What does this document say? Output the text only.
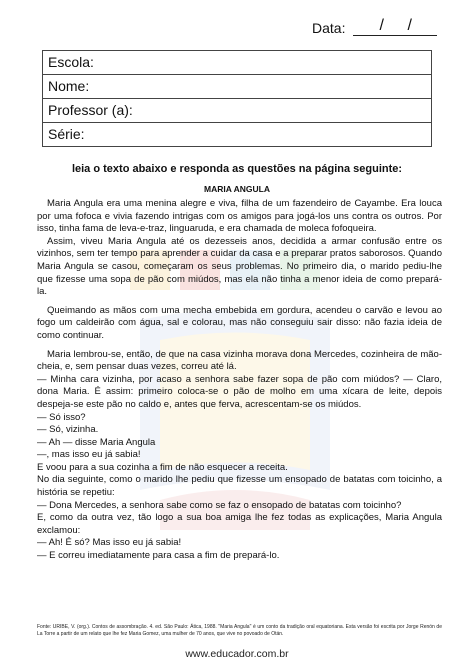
Data: / /
Escola:
Nome:
Professor (a):
Série:
leia o texto abaixo e responda as questões na página seguinte:
MARIA ANGULA

Maria Angula era uma menina alegre e viva, filha de um fazendeiro de Cayambe. Era louca por uma fofoca e vivia fazendo intrigas com os amigos para jogá-los uns contra os outros. Por isso, tinha fama de leva-e-traz, linguaruda, e era chamada de moleca fofoqueira.

Assim, viveu Maria Angula até os dezesseis anos, decidida a armar confusão entre os vizinhos, sem ter tempo para aprender a cuidar da casa e a preparar pratos saborosos. Quando Maria Angula se casou, começaram os seus problemas. No primeiro dia, o marido pediu-lhe que fizesse uma sopa de pão com miúdos, mas ela não tinha a menor ideia de como prepará-la.

Queimando as mãos com uma mecha embebida em gordura, acendeu o carvão e levou ao fogo um caldeirão com água, sal e colorau, mas não conseguiu sair disso: não fazia ideia de como continuar.

Maria lembrou-se, então, de que na casa vizinha morava dona Mercedes, cozinheira de mão-cheia, e, sem pensar duas vezes, correu até lá.

— Minha cara vizinha, por acaso a senhora sabe fazer sopa de pão com miúdos? — Claro, dona Maria. É assim: primeiro coloca-se o pão de molho em uma xícara de leite, depois despeja-se este pão no caldo e, antes que ferva, acrescentam-se os miúdos.

— Só isso?

— Só, vizinha.

— Ah — disse Maria Angula

—, mas isso eu já sabia!

E voou para a sua cozinha a fim de não esquecer a receita.

No dia seguinte, como o marido lhe pediu que fizesse um ensopado de batatas com toicinho, a história se repetiu:

— Dona Mercedes, a senhora sabe como se faz o ensopado de batatas com toicinho?

E, como da outra vez, tão logo a sua boa amiga lhe fez todas as explicações, Maria Angula exclamou:

— Ah! É só? Mas isso eu já sabia!

— E correu imediatamente para casa a fim de prepará-lo.

Fonte: URIBE, V. (org.). Contos de assombração. 4. ed. São Paulo: Ática, 1988. "Maria Angula" é um conto da tradição oral equatoriana. Esta versão foi escrita por Jorge Renón de La Torre a partir de um relato que lhe fez Maria Gomez, uma mulher de 70 anos, que vive no povoado de Otán.
www.educador.com.br
